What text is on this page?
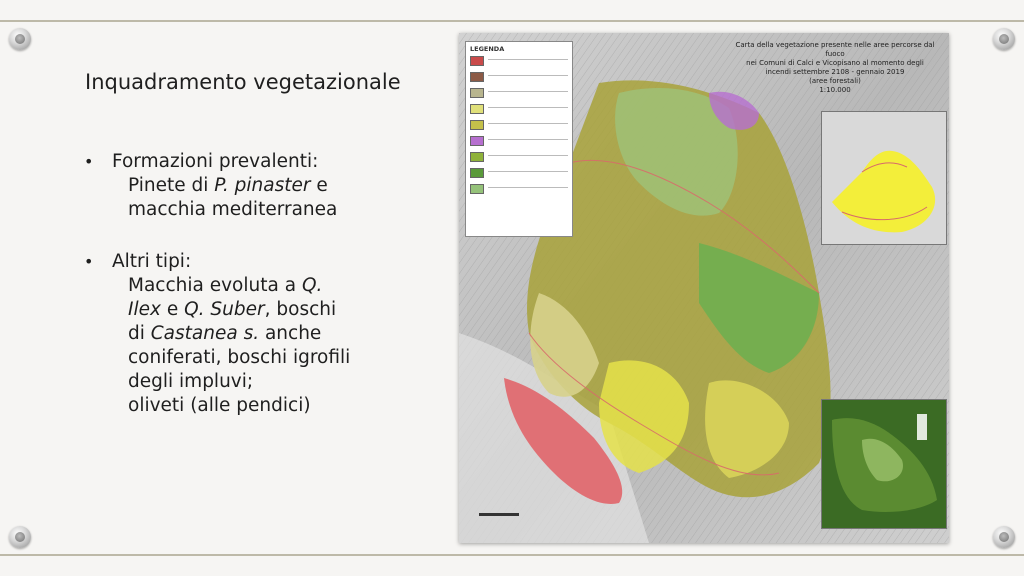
Inquadramento vegetazionale
• Formazioni prevalenti:
Pinete di P. pinaster e
macchia mediterranea
• Altri tipi:
Macchia evoluta a Q.
Ilex e Q. Suber, boschi
di Castanea s. anche
coniferati, boschi igrofili
degli impluvi;
oliveti (alle pendici)
LEGENDA	Carta della vegetazione presente nelle aree percorse dal fuoco
nei Comuni di Calci e Vicopisano al momento degli
incendi settembre 2108 - gennaio 2019
(aree forestali)
1:10.000
